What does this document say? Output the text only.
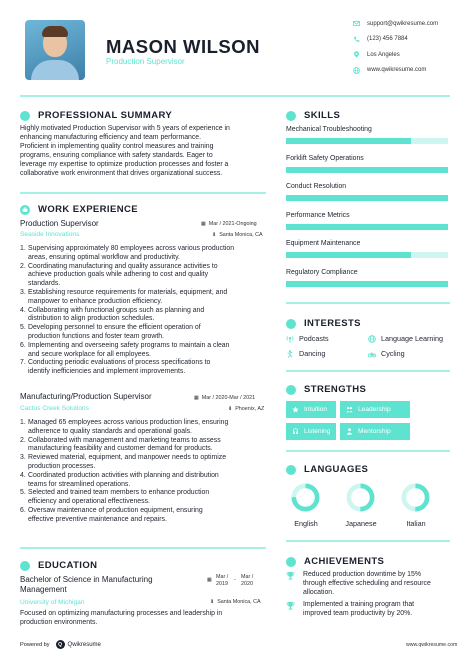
MASON WILSON
Production Supervisor
support@qwikresume.com
(123) 456 7884
Los Angeles
www.qwikresume.com
PROFESSIONAL SUMMARY
Highly motivated Production Supervisor with 5 years of experience in
enhancing manufacturing efficiency and team performance.
Proficient in implementing quality control measures and training
programs, ensuring compliance with safety standards. Eager to
leverage my expertise to optimize production processes and foster a
collaborative work environment that drives organizational success.
WORK EXPERIENCE
Production Supervisor	▦ Mar / 2021-Ongoing
Seaside Innovations	⬇ Santa Monica, CA
1. Supervising approximately 80 employees across various production
areas, ensuring optimal workflow and productivity.
2. Coordinating manufacturing and quality assurance activities to
achieve production goals while adhering to cost and quality
standards.
3. Establishing resource requirements for materials, equipment, and
manpower to enhance production efficiency.
4. Collaborating with functional groups such as planning and
distribution to align production schedules.
5. Developing personnel to ensure the efficient operation of
production functions and foster team growth.
6. Implementing and overseeing safety programs to maintain a clean
and secure workplace for all employees.
7. Conducting periodic evaluations of process specifications to
identify inefficiencies and implement improvements.
Manufacturing/Production Supervisor	▦ Mar / 2020-Mar / 2021
Cactus Creek Solutions	⬇ Phoenix, AZ
1. Managed 65 employees across various production lines, ensuring
adherence to quality standards and operational goals.
2. Collaborated with management and marketing teams to assess
manufacturing feasibility and customer demand for products.
3. Reviewed material, equipment, and manpower needs to optimize
production processes.
4. Coordinated production activities with planning and distribution
teams for streamlined operations.
5. Selected and trained team members to enhance production
efficiency and operational effectiveness.
6. Oversaw maintenance of production equipment, ensuring
effective preventive maintenance and repairs.
EDUCATION
Bachelor of Science in Manufacturing
Management
▦ Mar /
2019
- Mar /
2020
University of Michigan	⬇ Santa Monica, CA
Focused on optimizing manufacturing processes and leadership in
production environments.
SKILLS
Mechanical Troubleshooting
Forklift Safety Operations
Conduct Resolution
Performance Metrics
Equipment Maintenance
Regulatory Compliance
INTERESTS
Podcasts	Language Learning
Dancing	Cycling
STRENGTHS
Intuition	Leadership
Listening	Mentorship
LANGUAGES
English	Japanese	Italian
ACHIEVEMENTS
Reduced production downtime by 15%
through effective scheduling and resource
allocation.
Implemented a training program that
improved team productivity by 20%.
Powered by	Q Qwikresume	www.qwikresume.com
